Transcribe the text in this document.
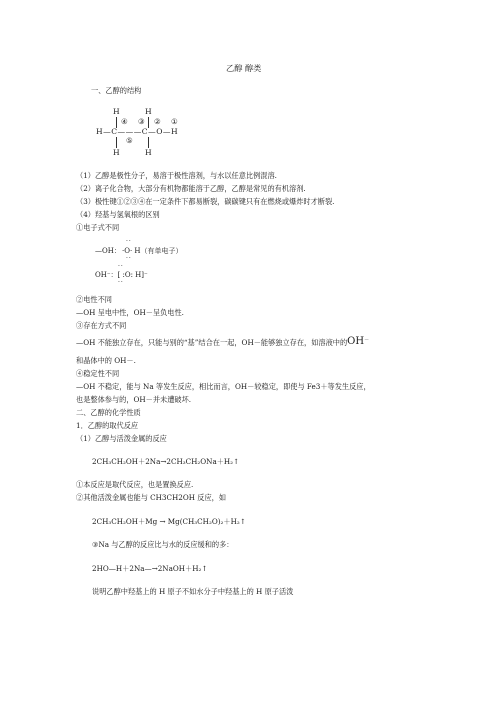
乙醇 醇类
一、乙醇的结构
H	H
④ ③ ② ①
H—C———C—O—H
⑤
H	H
（1）乙醇是极性分子，易溶于极性溶剂，与水以任意比例混溶.
（2）离子化合物，大部分有机物都能溶于乙醇，乙醇是常见的有机溶剂.
（3）极性键①②③④在一定条件下都易断裂，碳碳键只有在燃烧或爆炸时才断裂.
（4）羟基与氢氧根的区别
①电子式不同
··
—OH： ·O· H（有单电子）
··
··
OH⁻：[ :O: H]⁻
··
②电性不同
—OH 呈电中性，OH－呈负电性.
③存在方式不同
—OH 不能独立存在，只能与别的“基”结合在一起，OH－能够独立存在，如溶液中的OH－
和晶体中的 OH－.
④稳定性不同
—OH 不稳定，能与 Na 等发生反应，相比而言，OH－较稳定，即使与 Fe3＋等发生反应，
也是整体参与的，OH－并未遭破坏.
二、乙醇的化学性质
1．乙醇的取代反应
（1）乙醇与活泼金属的反应
2CH₃CH₂OH＋2Na→2CH₃CH₂ONa＋H₂↑
①本反应是取代反应，也是置换反应.
②其他活泼金属也能与 CH3CH2OH 反应，如
2CH₃CH₂OH＋Mg → Mg(CH₃CH₂O)₂＋H₂↑
③Na 与乙醇的反应比与水的反应缓和的多：
2HO—H＋2Na—→2NaOH＋H₂↑
说明乙醇中羟基上的 H 原子不如水分子中羟基上的 H 原子活泼
